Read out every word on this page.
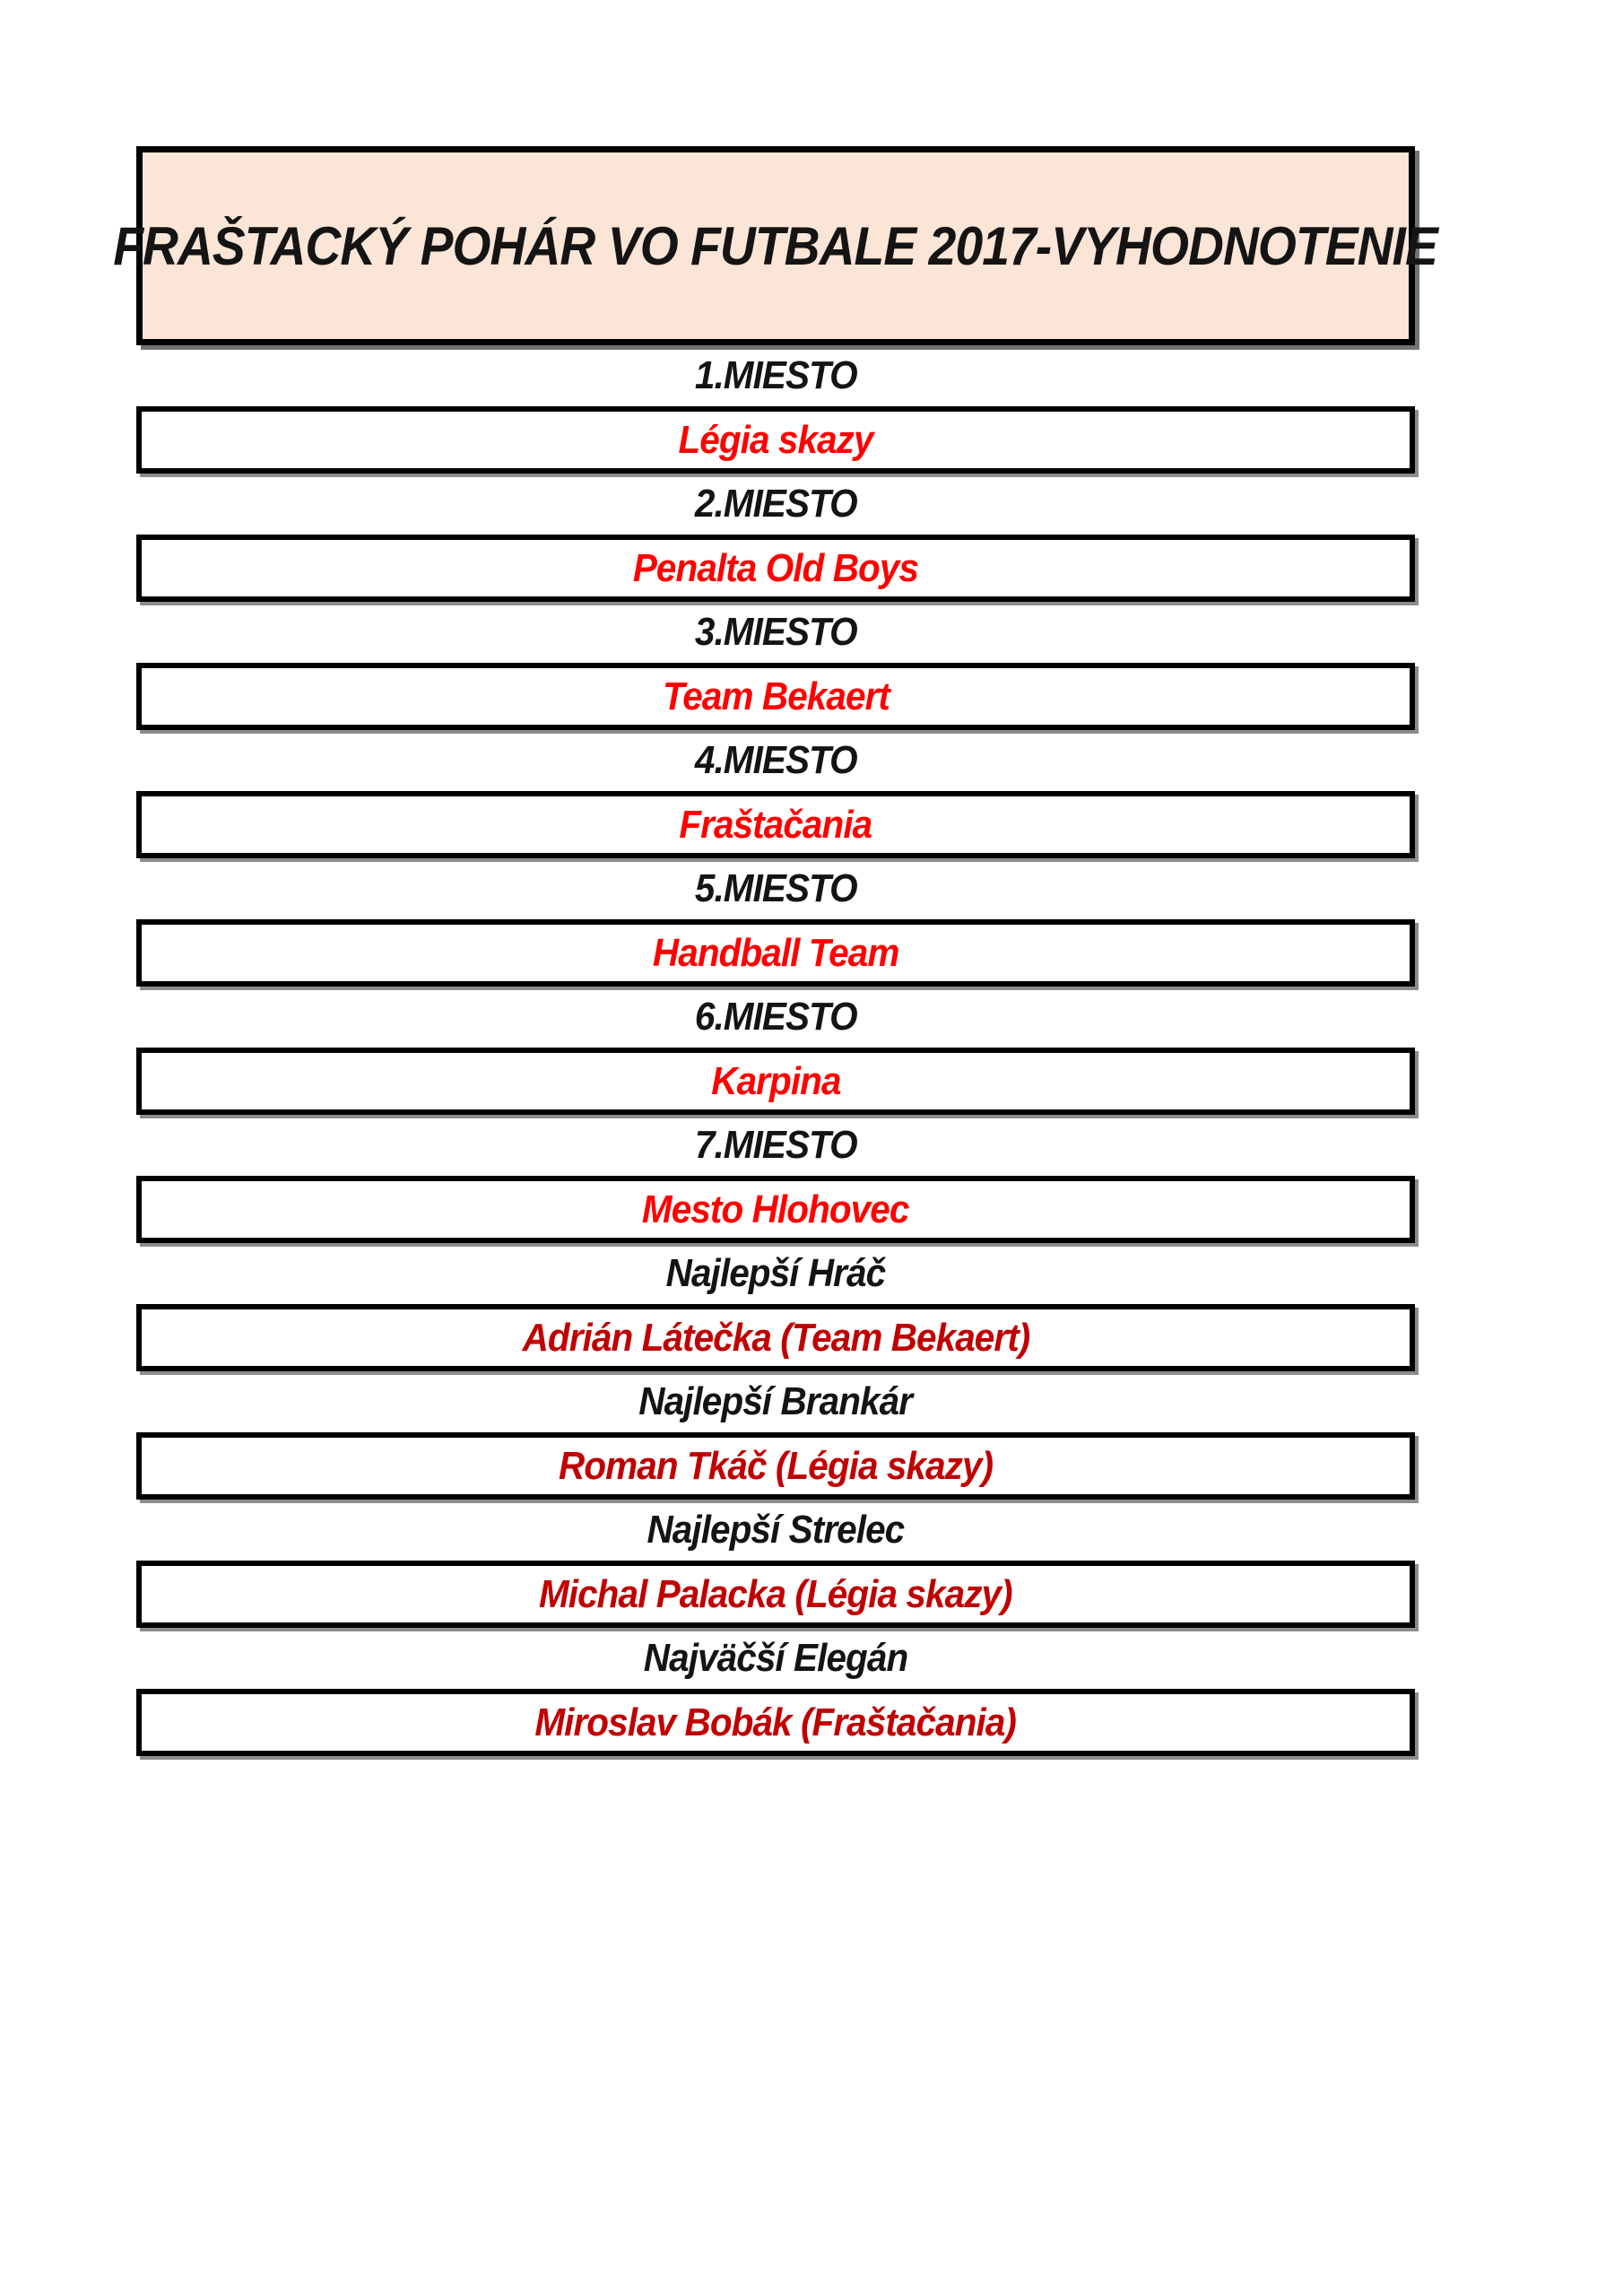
FRAŠTACKÝ POHÁR VO FUTBALE 2017-VYHODNOTENIE
1.MIESTO
Légia skazy
2.MIESTO
Penalta Old Boys
3.MIESTO
Team Bekaert
4.MIESTO
Fraštačania
5.MIESTO
Handball Team
6.MIESTO
Karpina
7.MIESTO
Mesto Hlohovec
Najlepší Hráč
Adrián Látečka (Team Bekaert)
Najlepší Brankár
Roman Tkáč (Légia skazy)
Najlepší Strelec
Michal Palacka (Légia skazy)
Najväčší Elegán
Miroslav Bobák (Fraštačania)
